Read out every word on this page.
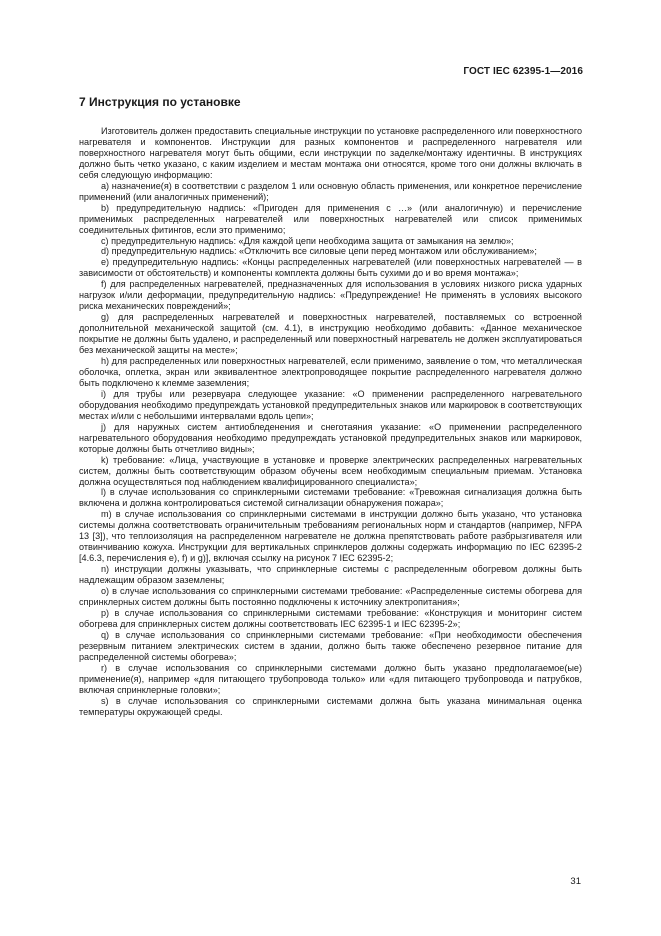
ГОСТ IEC 62395-1—2016
7 Инструкция по установке

Изготовитель должен предоставить специальные инструкции по установке распределенного или поверхностного нагревателя и компонентов. Инструкции для разных компонентов и распределенного нагревателя или поверхностного нагревателя могут быть общими, если инструкции по заделке/монтажу идентичны. В инструкциях должно быть четко указано, с каким изделием и местам монтажа они относятся, кроме того они должны включать в себя следующую информацию:

a) назначение(я) в соответствии с разделом 1 или основную область применения, или конкретное перечисление применений (или аналогичных применений);

b) предупредительную надпись: «Пригоден для применения с …» (или аналогичную) и перечисление применимых распределенных нагревателей или поверхностных нагревателей или список применимых соединительных фитингов, если это применимо;

c) предупредительную надпись: «Для каждой цепи необходима защита от замыкания на землю»;

d) предупредительную надпись: «Отключить все силовые цепи перед монтажом или обслуживанием»;

e) предупредительную надпись: «Концы распределенных нагревателей (или поверхностных нагревателей — в зависимости от обстоятельств) и компоненты комплекта должны быть сухими до и во время монтажа»;

f) для распределенных нагревателей, предназначенных для использования в условиях низкого риска ударных нагрузок и/или деформации, предупредительную надпись: «Предупреждение! Не применять в условиях высокого риска механических повреждений»;

g) для распределенных нагревателей и поверхностных нагревателей, поставляемых со встроенной дополнительной механической защитой (см. 4.1), в инструкцию необходимо добавить: «Данное механическое покрытие не должны быть удалено, и распределенный или поверхностный нагреватель не должен эксплуатироваться без механической защиты на месте»;

h) для распределенных или поверхностных нагревателей, если применимо, заявление о том, что металлическая оболочка, оплетка, экран или эквивалентное электропроводящее покрытие распределенного нагревателя должно быть подключено к клемме заземления;

i) для трубы или резервуара следующее указание: «О применении распределенного нагревательного оборудования необходимо предупреждать установкой предупредительных знаков или маркировок в соответствующих местах и/или с небольшими интервалами вдоль цепи»;

j) для наружных систем антиобледенения и снеготаяния указание: «О применении распределенного нагревательного оборудования необходимо предупреждать установкой предупредительных знаков или маркировок, которые должны быть отчетливо видны»;

k) требование: «Лица, участвующие в установке и проверке электрических распределенных нагревательных систем, должны быть соответствующим образом обучены всем необходимым специальным приемам. Установка должна осуществляться под наблюдением квалифицированного специалиста»;

l) в случае использования со спринклерными системами требование: «Тревожная сигнализация должна быть включена и должна контролироваться системой сигнализации обнаружения пожара»;

m) в случае использования со спринклерными системами в инструкции должно быть указано, что установка системы должна соответствовать ограничительным требованиям региональных норм и стандартов (например, NFPA 13 [3]), что теплоизоляция на распределенном нагревателе не должна препятствовать работе разбрызгивателя или отвинчиванию кожуха. Инструкции для вертикальных спринклеров должны содержать информацию по IEC 62395-2 [4.6.3, перечисления e), f) и g)], включая ссылку на рисунок 7 IEC 62395-2;

n) инструкции должны указывать, что спринклерные системы с распределенным обогревом должны быть надлежащим образом заземлены;

o) в случае использования со спринклерными системами требование: «Распределенные системы обогрева для спринклерных систем должны быть постоянно подключены к источнику электропитания»;

p) в случае использования со спринклерными системами требование: «Конструкция и мониторинг систем обогрева для спринклерных систем должны соответствовать IEC 62395-1 и IEC 62395-2»;

q) в случае использования со спринклерными системами требование: «При необходимости обеспечения резервным питанием электрических систем в здании, должно быть также обеспечено резервное питание для распределенной системы обогрева»;

r) в случае использования со спринклерными системами должно быть указано предполагаемое(ые) применение(я), например «для питающего трубопровода только» или «для питающего трубопровода и патрубков, включая спринклерные головки»;

s) в случае использования со спринклерными системами должна быть указана минимальная оценка температуры окружающей среды.

31
